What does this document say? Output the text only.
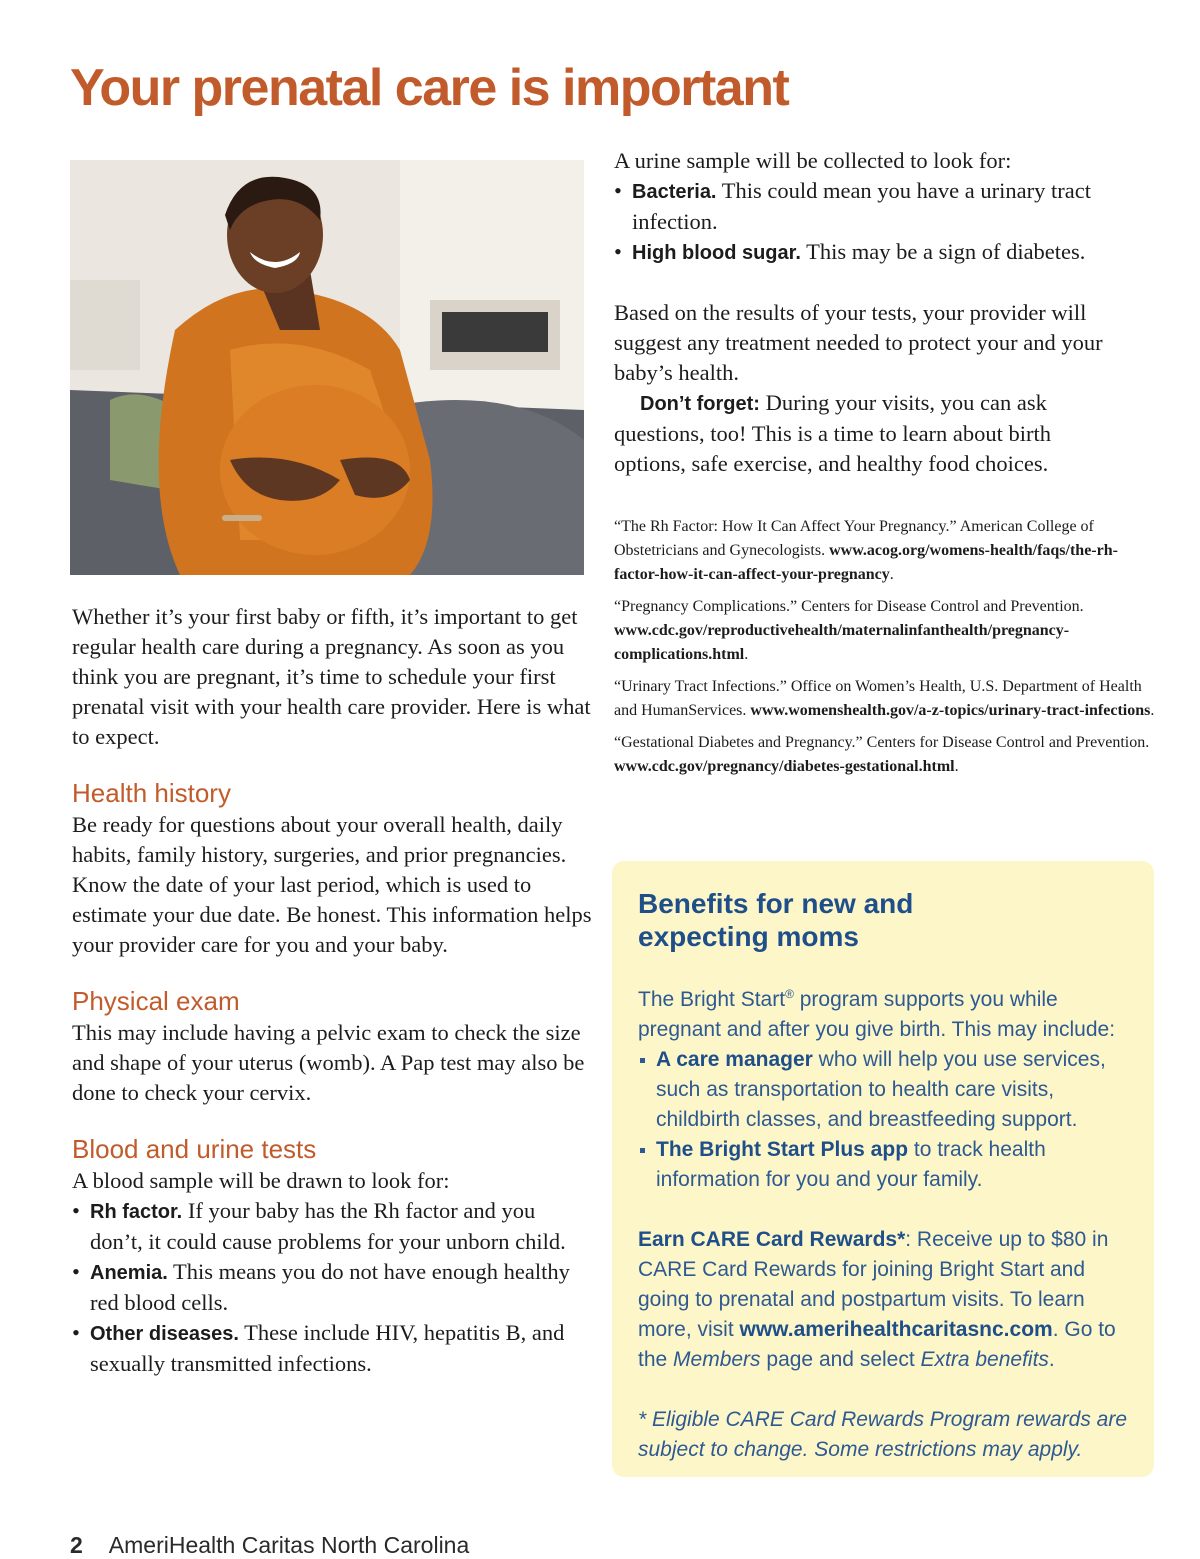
Your prenatal care is important

Whether it’s your first baby or fifth, it’s important to get regular health care during a pregnancy. As soon as you think you are pregnant, it’s time to schedule your first prenatal visit with your health care provider. Here is what to expect.

Health history

Be ready for questions about your overall health, daily habits, family history, surgeries, and prior pregnancies. Know the date of your last period, which is used to estimate your due date. Be honest. This information helps your provider care for you and your baby.

Physical exam

This may include having a pelvic exam to check the size and shape of your uterus (womb). A Pap test may also be done to check your cervix.

Blood and urine tests

A blood sample will be drawn to look for:

• Rh factor. If your baby has the Rh factor and you don’t, it could cause problems for your unborn child.
• Anemia. This means you do not have enough healthy red blood cells.
• Other diseases. These include HIV, hepatitis B, and sexually transmitted infections.

A urine sample will be collected to look for:

• Bacteria. This could mean you have a urinary tract infection.
• High blood sugar. This may be a sign of diabetes.

Based on the results of your tests, your provider will suggest any treatment needed to protect your and your baby’s health.

Don’t forget: During your visits, you can ask questions, too! This is a time to learn about birth options, safe exercise, and healthy food choices.

“The Rh Factor: How It Can Affect Your Pregnancy.” American College of Obstetricians and Gynecologists. www.acog.org/womens-health/faqs/the-rh-factor-how-it-can-affect-your-pregnancy.
“Pregnancy Complications.” Centers for Disease Control and Prevention. www.cdc.gov/reproductivehealth/maternalinfanthealth/pregnancy-complications.html.
“Urinary Tract Infections.” Office on Women’s Health, U.S. Department of Health and HumanServices. www.womenshealth.gov/a-z-topics/urinary-tract-infections.
“Gestational Diabetes and Pregnancy.” Centers for Disease Control and Prevention. www.cdc.gov/pregnancy/diabetes-gestational.html.
Benefits for new and expecting moms

The Bright Start® program supports you while pregnant and after you give birth. This may include:

A care manager who will help you use services, such as transportation to health care visits, childbirth classes, and breastfeeding support.
The Bright Start Plus app to track health information for you and your family.

Earn CARE Card Rewards*: Receive up to $80 in CARE Card Rewards for joining Bright Start and going to prenatal and postpartum visits. To learn more, visit www.amerihealthcaritasnc.com. Go to the Members page and select Extra benefits.

* Eligible CARE Card Rewards Program rewards are subject to change. Some restrictions may apply.

2 AmeriHealth Caritas North Carolina
